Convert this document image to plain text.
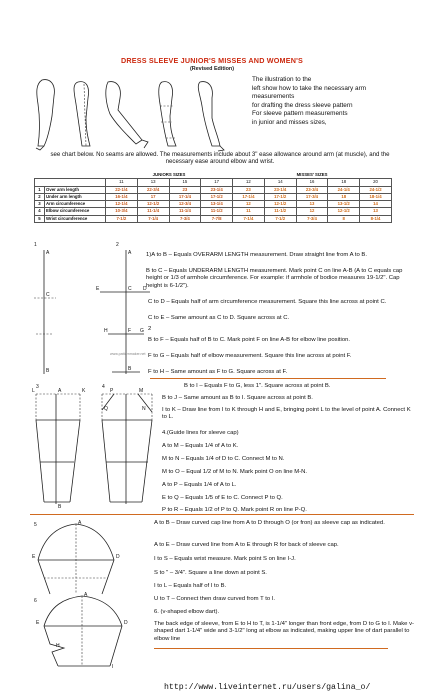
DRESS SLEEVE JUNIOR'S MISSES AND WOMEN'S
(Revised Edition)
The illustration to the
left show how to take the necessary arm
measurements
for drafting the dress sleeve pattern
For sleeve pattern measurements
in junior and misses sizes,
see chart below. No seams are allowed. The measurements include about 3" ease allowance around arm (at muscle), and the necessary ease around elbow and wrist.
		JUNIORS SIZES				MISSES' SIZES				
		11	13	15	17	12	14	16	18	20
1	Over arm length	22-1/4	22-3/4	23	23-1/4	23	23-1/4	23-3/4	24-1/4	24-1/2
2	Under arm length	16-1/4	17	17-1/4	17-1/2	17-1/4	17-1/2	17-3/4	18	18-1/4
3	Arm circumference	12-1/4	12-1/2	12-3/4	13-1/4	12	12-1/2	13	13-1/2	14
4	Elbow circumference	10-3/4	11-1/4	11-1/4	11-1/2	11	11-1/2	12	12-1/2	13
5	Wrist circumference	7-1/2	7-1/4	7-3/4	7-7/8	7-1/4	7-1/2	7-3/4	8	8-1/4
1	2
A
C
B
A
E	C D
H	F G
B
www.patternmaker.net
1)A to B – Equals OVERARM LENGTH measurement. Draw straight line from A to B.
B to C – Equals UNDERARM LENGTH measurement. Mark point C on line A-B (A to C equals cap height or 1/3 of armhole circumference. For example: if armhole of bodice measures 19-1/2". Cap height is 6-1/2").
C to D – Equals half of arm circumference measurement. Square this line across at point C.
C to E – Same amount as C to D. Square across at C.
2
B to F – Equals half of B to C. Mark point F on line A-B for elbow line position.
F to G – Equals half of elbow measurement. Square this line across at point F.
F to H – Same amount as F to G. Square across at F.
3	4
L	A	K
B
M
P
N
Q
B to I – Equals F to G, less 1". Square across at point B.
B to J – Same amount as B to I. Square across at point B.
I to K – Draw line from I to K through H and E, bringing point L to the level of point A. Connect K to L.
4.(Guide lines for sleeve cap)
A to M – Equals 1/4 of A to K.
M to N – Equals 1/4 of D to C. Connect M to N.
M to O – Equal 1/2 of M to N. Mark point O on line M-N.
A to P – Equals 1/4 of A to L.
E to Q – Equals 1/5 of E to C. Connect P to Q.
P to R – Equals 1/2 of P to Q. Mark point R on line P-Q.
5
6
A
E	D
A
E	D
H
I
A to B – Draw curved cap line from A to D through O (or fron) as sleeve cap as indicated.
A to E – Draw curved line from A to E through R for back of sleeve cap.
I to S – Equals wrist measure. Mark point S on line I-J.
S to " – 3/4". Square a line down at point S.
I to L – Equals half of I to B.
U to T – Connect then draw curved from T to I.
6. (v-shaped elbow dart).
The back edge of sleeve, from E to H to T, is 1-1/4" longer than front edge, from D to G to I. Make v-shaped dart 1-1/4" wide and 3-1/2" long at elbow as indicated, making upper line of dart parallel to elbow line
http://www.liveinternet.ru/users/galina_o/
